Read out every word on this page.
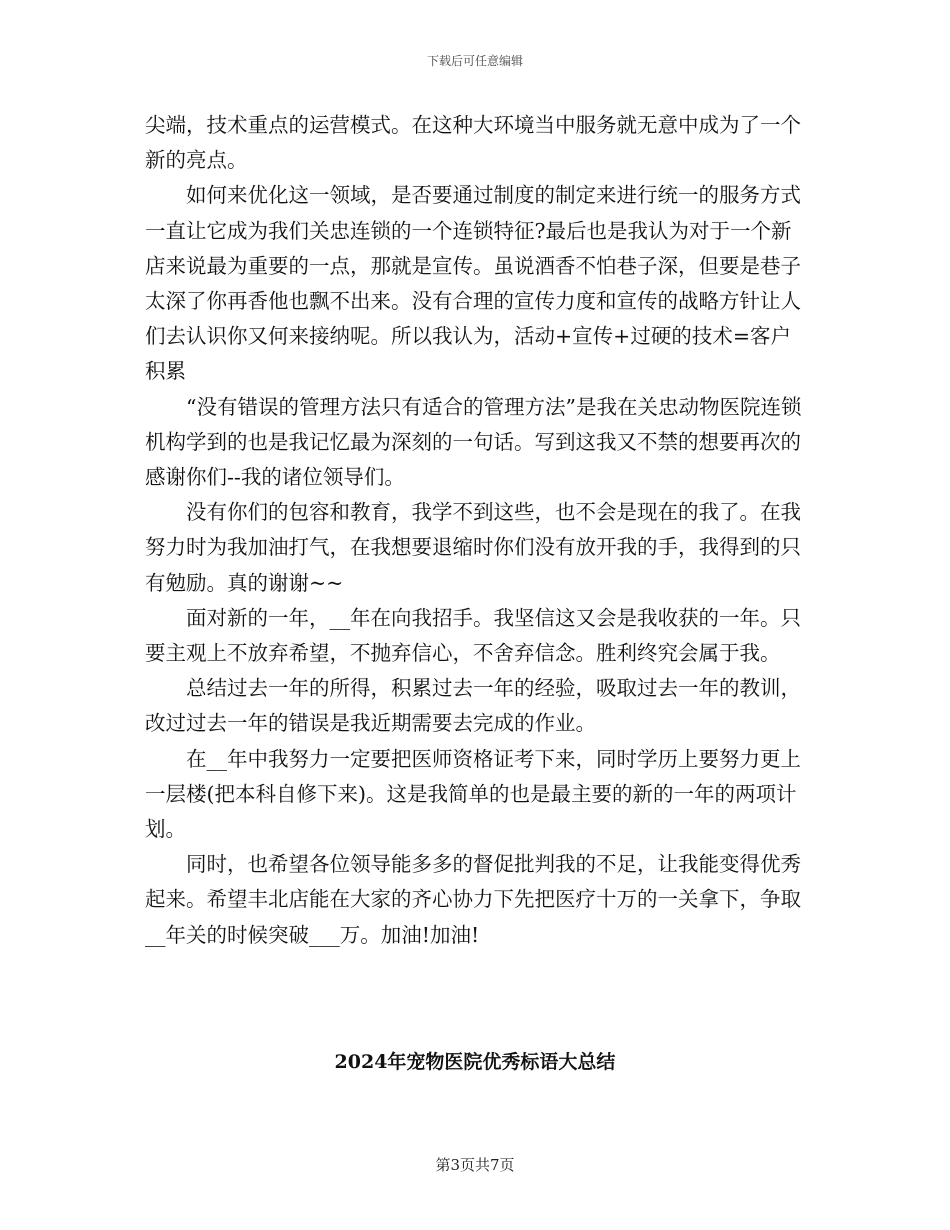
下载后可任意编辑

尖端，技术重点的运营模式。在这种大环境当中服务就无意中成为了一个新的亮点。

如何来优化这一领域，是否要通过制度的制定来进行统一的服务方式一直让它成为我们关忠连锁的一个连锁特征?最后也是我认为对于一个新店来说最为重要的一点，那就是宣传。虽说酒香不怕巷子深，但要是巷子太深了你再香他也飘不出来。没有合理的宣传力度和宣传的战略方针让人们去认识你又何来接纳呢。所以我认为，活动+宣传+过硬的技术=客户积累

“没有错误的管理方法只有适合的管理方法”是我在关忠动物医院连锁机构学到的也是我记忆最为深刻的一句话。写到这我又不禁的想要再次的感谢你们--我的诸位领导们。

没有你们的包容和教育，我学不到这些，也不会是现在的我了。在我努力时为我加油打气，在我想要退缩时你们没有放开我的手，我得到的只有勉励。真的谢谢~~

面对新的一年，__年在向我招手。我坚信这又会是我收获的一年。只要主观上不放弃希望，不抛弃信心，不舍弃信念。胜利终究会属于我。

总结过去一年的所得，积累过去一年的经验，吸取过去一年的教训，改过过去一年的错误是我近期需要去完成的作业。

在__年中我努力一定要把医师资格证考下来，同时学历上要努力更上一层楼(把本科自修下来)。这是我简单的也是最主要的新的一年的两项计划。

同时，也希望各位领导能多多的督促批判我的不足，让我能变得优秀起来。希望丰北店能在大家的齐心协力下先把医疗十万的一关拿下，争取__年关的时候突破___万。加油!加油!

2024年宠物医院优秀标语大总结
第3页共7页
